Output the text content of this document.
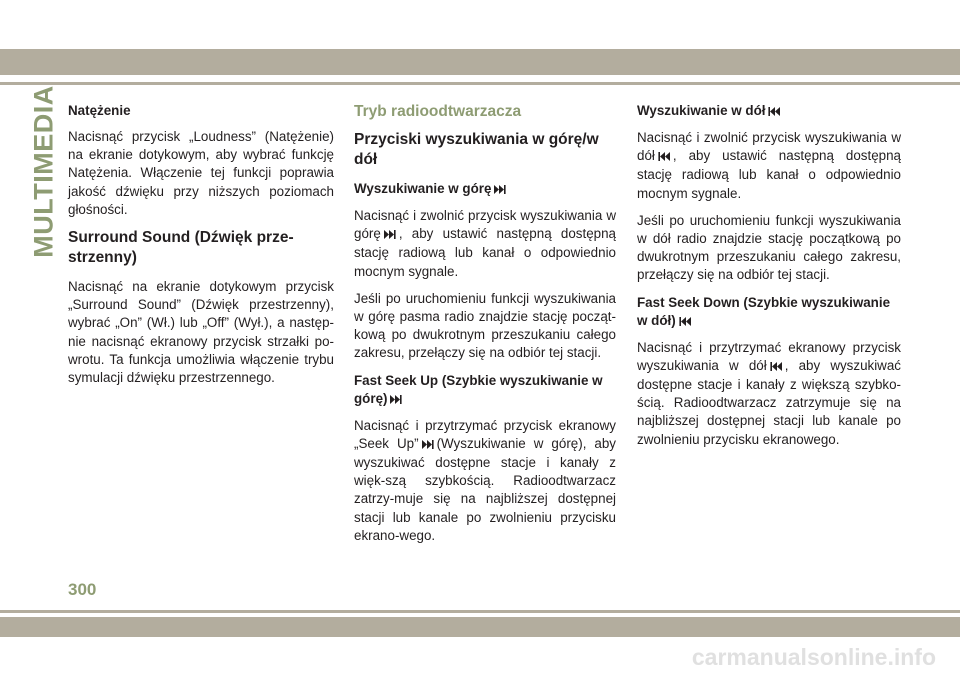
MULTIMEDIA Natężenie

Nacisnąć przycisk „Loudness” (Natężenie) na ekranie dotykowym, aby wybrać funkcję Natężenia. Włączenie tej funkcji poprawia jakość dźwięku przy niższych poziomach głośności.

Surround Sound (Dźwięk prze-strzenny)

Nacisnąć na ekranie dotykowym przycisk „Surround Sound” (Dźwięk przestrzenny), wybrać „On” (Wł.) lub „Off” (Wył.), a następ-nie nacisnąć ekranowy przycisk strzałki po-wrotu. Ta funkcja umożliwia włączenie trybu symulacji dźwięku przestrzennego.

Tryb radioodtwarzacza
Przyciski wyszukiwania w górę/w dół
Wyszukiwanie w górę

Nacisnąć i zwolnić przycisk wyszukiwania w górę , aby ustawić następną dostępną stację radiową lub kanał o odpowiednio mocnym sygnale.

Jeśli po uruchomieniu funkcji wyszukiwania w górę pasma radio znajdzie stację począt-kową po dwukrotnym przeszukaniu całego zakresu, przełączy się na odbiór tej stacji.

Fast Seek Up (Szybkie wyszukiwanie w górę)

Nacisnąć i przytrzymać przycisk ekranowy „Seek Up” (Wyszukiwanie w górę), aby wyszukiwać dostępne stacje i kanały z więk-szą szybkością. Radioodtwarzacz zatrzy-muje się na najbliższej dostępnej stacji lub kanale po zwolnieniu przycisku ekrano-wego.

Wyszukiwanie w dół

Nacisnąć i zwolnić przycisk wyszukiwania w dół , aby ustawić następną dostępną stację radiową lub kanał o odpowiednio mocnym sygnale.

Jeśli po uruchomieniu funkcji wyszukiwania w dół radio znajdzie stację początkową po dwukrotnym przeszukaniu całego zakresu, przełączy się na odbiór tej stacji.

Fast Seek Down (Szybkie wyszukiwanie w dół)

Nacisnąć i przytrzymać ekranowy przycisk wyszukiwania w dół , aby wyszukiwać dostępne stacje i kanały z większą szybko-ścią. Radioodtwarzacz zatrzymuje się na najbliższej dostępnej stacji lub kanale po zwolnieniu przycisku ekranowego.

300
carmanualsonline.info
